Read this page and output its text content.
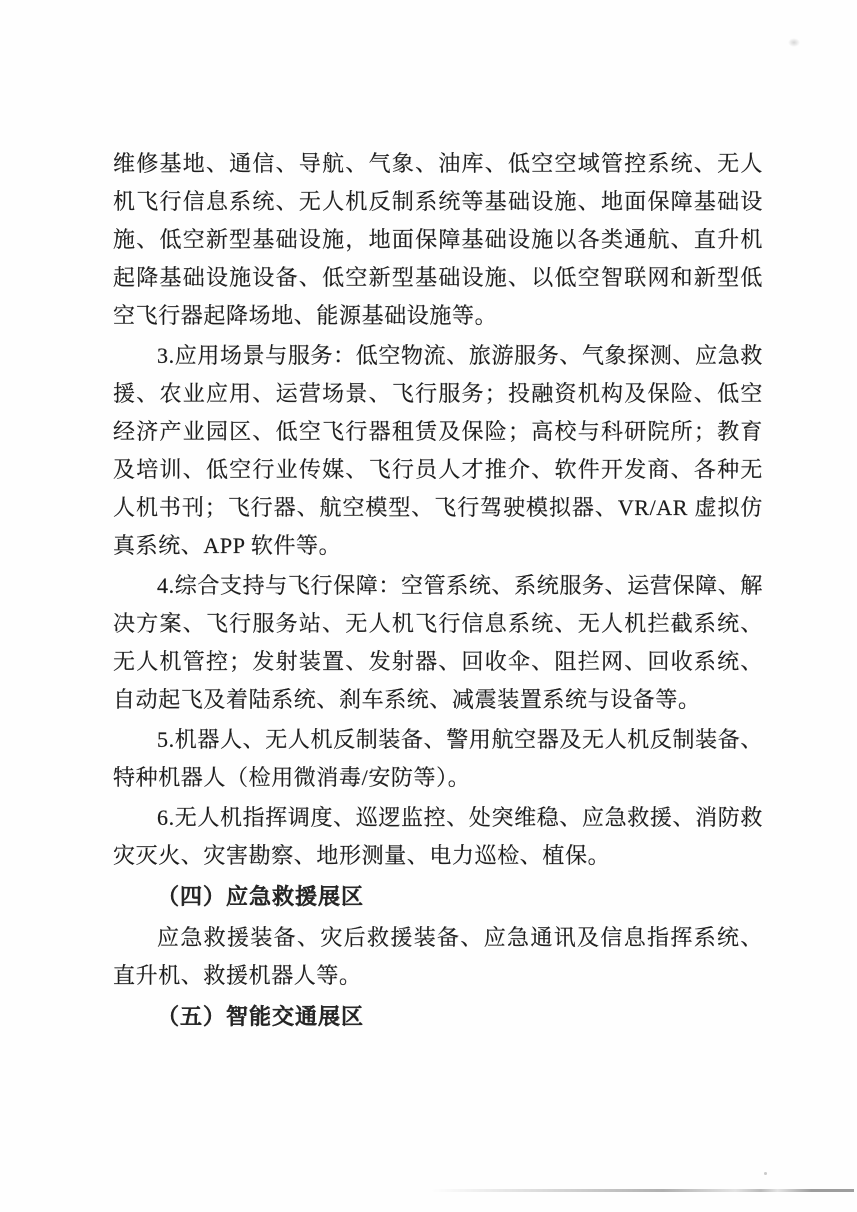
维修基地、通信、导航、气象、油库、低空空域管控系统、无人机飞行信息系统、无人机反制系统等基础设施、地面保障基础设施、低空新型基础设施，地面保障基础设施以各类通航、直升机起降基础设施设备、低空新型基础设施、以低空智联网和新型低空飞行器起降场地、能源基础设施等。

3.应用场景与服务：低空物流、旅游服务、气象探测、应急救援、农业应用、运营场景、飞行服务；投融资机构及保险、低空经济产业园区、低空飞行器租赁及保险；高校与科研院所；教育及培训、低空行业传媒、飞行员人才推介、软件开发商、各种无人机书刊；飞行器、航空模型、飞行驾驶模拟器、VR/AR 虚拟仿真系统、APP 软件等。

4.综合支持与飞行保障：空管系统、系统服务、运营保障、解决方案、飞行服务站、无人机飞行信息系统、无人机拦截系统、无人机管控；发射装置、发射器、回收伞、阻拦网、回收系统、自动起飞及着陆系统、刹车系统、减震装置系统与设备等。

5.机器人、无人机反制装备、警用航空器及无人机反制装备、特种机器人（检用微消毒/安防等）。

6.无人机指挥调度、巡逻监控、处突维稳、应急救援、消防救灾灭火、灾害勘察、地形测量、电力巡检、植保。

（四）应急救援展区

应急救援装备、灾后救援装备、应急通讯及信息指挥系统、直升机、救援机器人等。

（五）智能交通展区
